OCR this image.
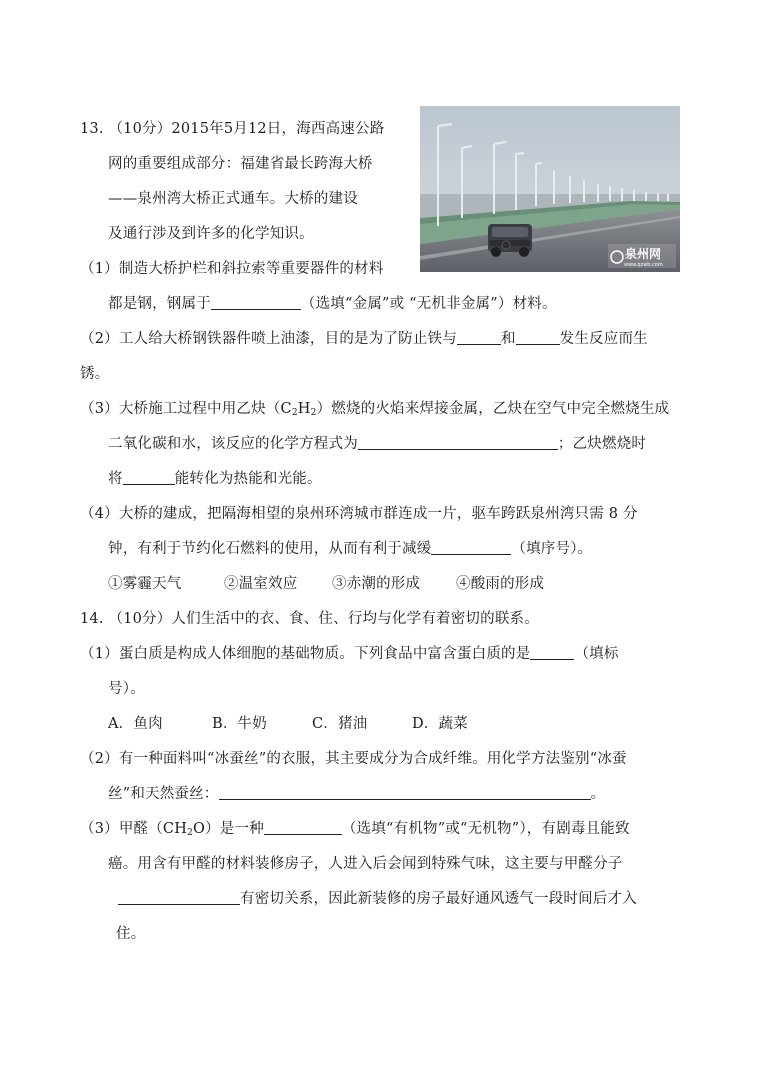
13. （10分）2015年5月12日，海西高速公路
网的重要组成部分：福建省最长跨海大桥
——泉州湾大桥正式通车。大桥的建设
及通行涉及到许多的化学知识。
泉州网
www.qzwb.com
（1）制造大桥护栏和斜拉索等重要器件的材料
都是钢，钢属于	（选填“金属”或 “无机非金属”）材料。
（2）工人给大桥钢铁器件喷上油漆，目的是为了防止铁与	和	发生反应而生
锈。
（3）大桥施工过程中用乙炔$(C_2H_2)$燃烧的火焰来焊接金属，乙炔在空气中完全燃烧生成
二氧化碳和水，该反应的化学方程式为	；乙炔燃烧时
将	能转化为热能和光能。
（4）大桥的建成，把隔海相望的泉州环湾城市群连成一片，驱车跨跃泉州湾只需 8 分
钟，有利于节约化石燃料的使用，从而有利于减缓	（填序号）。
①雾霾天气	②温室效应 ③赤潮的形成 ④酸雨的形成
14. （10分）人们生活中的衣、食、住、行均与化学有着密切的联系。
（1）蛋白质是构成人体细胞的基础物质。下列食品中富含蛋白质的是	（填标
号）。
A．鱼肉	B．牛奶	C．猪油	D．蔬菜
（2）有一种面料叫“冰蚕丝”的衣服，其主要成分为合成纤维。用化学方法鉴别“冰蚕
丝”和天然蚕丝：	。
（3）甲醛$(CH_2O)$是一种	（选填“有机物”或“无机物”），有剧毒且能致
癌。用含有甲醛的材料装修房子，人进入后会闻到特殊气味，这主要与甲醛分子
有密切关系，因此新装修的房子最好通风透气一段时间后才入
住。
